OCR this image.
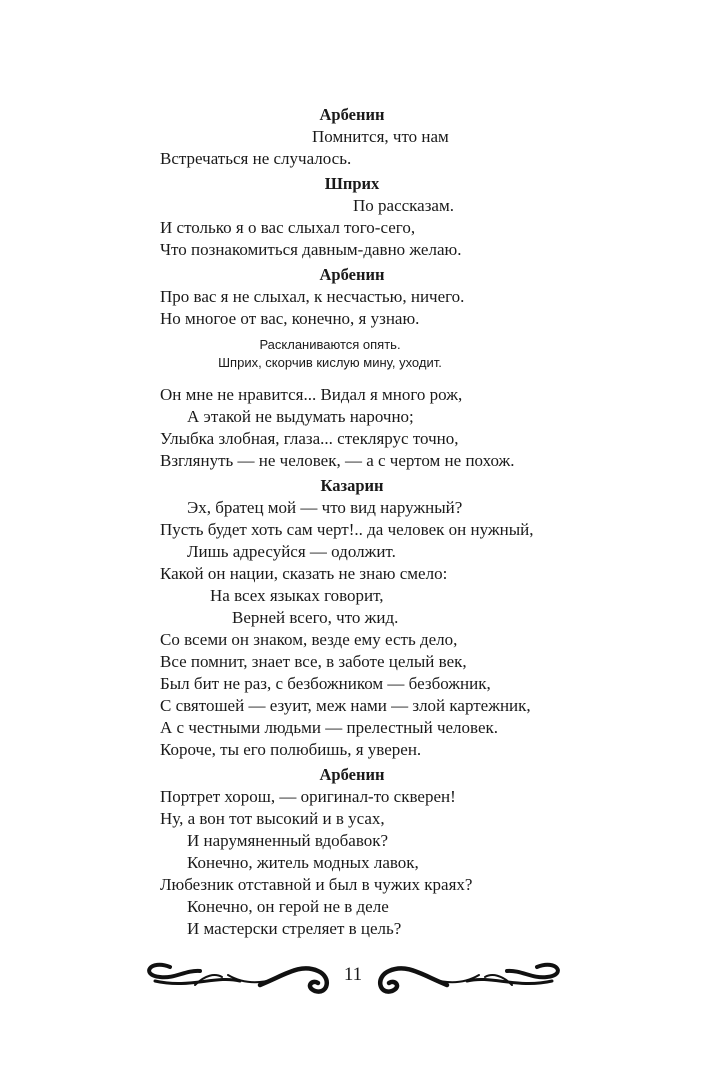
Арбенин
Помнится, что нам
Встречаться не случалось.
Шприх
По рассказам.
И столько я о вас слыхал того-сего,
Что познакомиться давным-давно желаю.
Арбенин
Про вас я не слыхал, к несчастью, ничего.
Но многое от вас, конечно, я узнаю.
Раскланиваются опять.
Шприх, скорчив кислую мину, уходит.
Он мне не нравится... Видал я много рож,
А этакой не выдумать нарочно;
Улыбка злобная, глаза... стеклярус точно,
Взглянуть — не человек, — а с чертом не похож.
Казарин
Эх, братец мой — что вид наружный?
Пусть будет хоть сам черт!.. да человек он нужный,
Лишь адресуйся — одолжит.
Какой он нации, сказать не знаю смело:
На всех языках говорит,
Верней всего, что жид.
Со всеми он знаком, везде ему есть дело,
Все помнит, знает все, в заботе целый век,
Был бит не раз, с безбожником — безбожник,
С святошей — езуит, меж нами — злой картежник,
А с честными людьми — прелестный человек.
Короче, ты его полюбишь, я уверен.
Арбенин
Портрет хорош, — оригинал-то скверен!
Ну, а вон тот высокий и в усах,
И нарумяненный вдобавок?
Конечно, житель модных лавок,
Любезник отставной и был в чужих краях?
Конечно, он герой не в деле
И мастерски стреляет в цель?
11
